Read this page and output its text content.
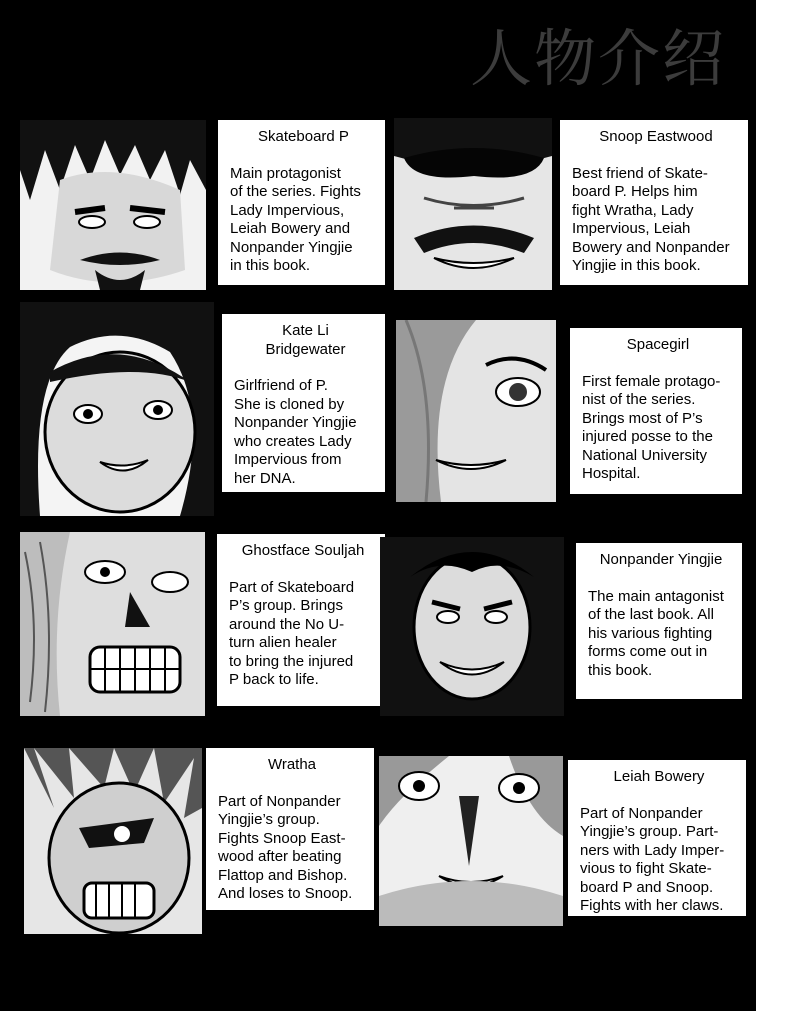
人物介绍
Skateboard P
Main protagonist
of the series. Fights
Lady Impervious,
Leiah Bowery and
Nonpander Yingjie
in this book.
Snoop Eastwood
Best friend of Skate-
board P. Helps him
fight Wratha, Lady
Impervious, Leiah
Bowery and Nonpander
Yingjie in this book.
Kate Li
Bridgewater
Girlfriend of P.
She is cloned by
Nonpander Yingjie
who creates Lady
Impervious from
her DNA.
Spacegirl
First female protago-
nist of the series.
Brings most of P’s
injured posse to the
National University
Hospital.
Ghostface Souljah
Part of Skateboard
P’s group. Brings
around the No U-
turn alien healer
to bring the injured
P back to life.
Nonpander Yingjie
The main antagonist
of the last book. All
his various fighting
forms come out in
this book.
Wratha
Part of Nonpander
Yingjie’s group.
Fights Snoop East-
wood after beating
Flattop and Bishop.
And loses to Snoop.
Leiah Bowery
Part of Nonpander
Yingjie’s group. Part-
ners with Lady Imper-
vious to fight Skate-
board P and Snoop.
Fights with her claws.
